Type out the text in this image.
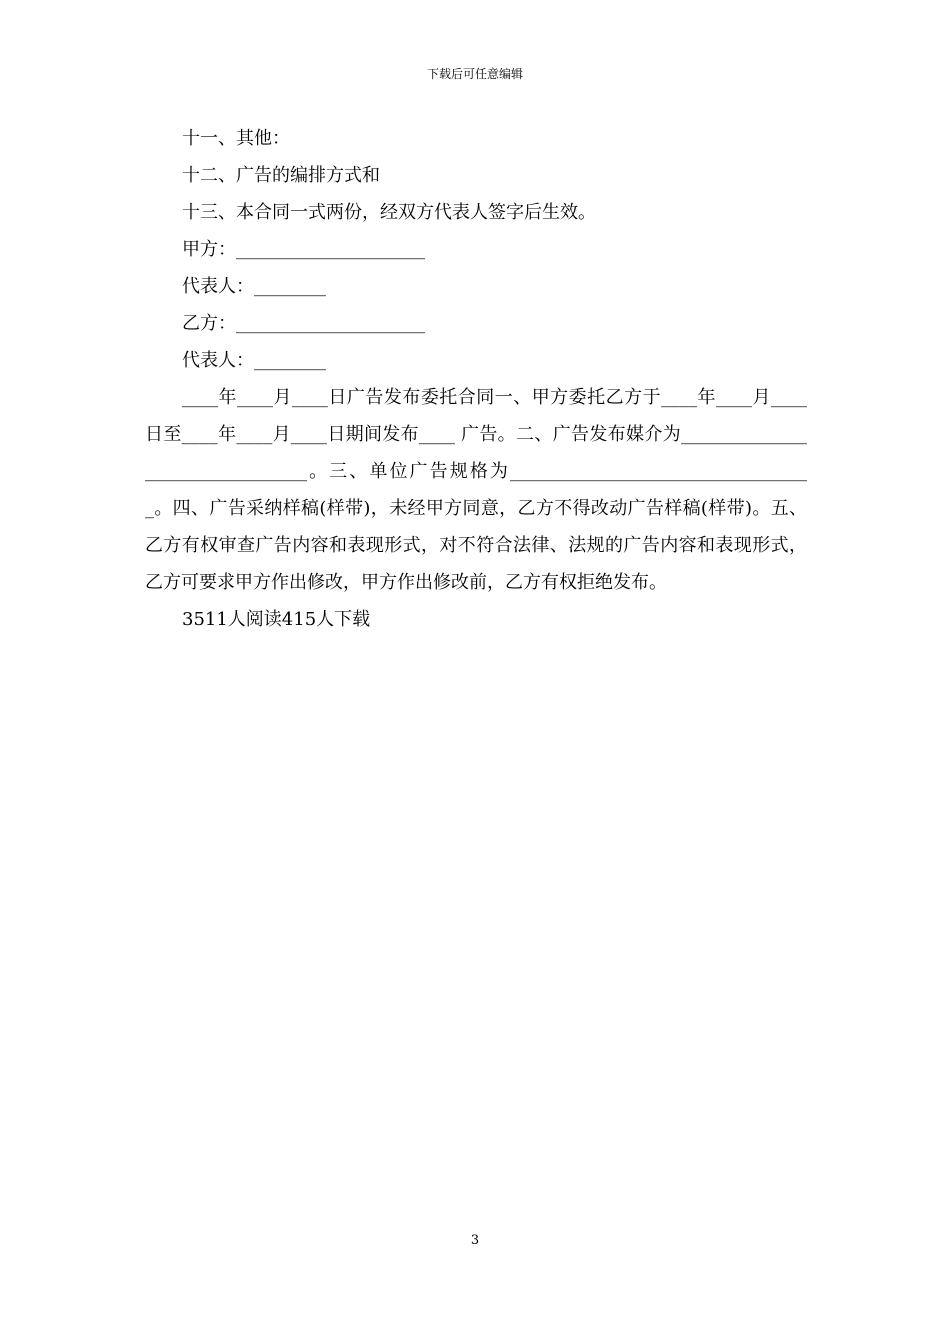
下载后可任意编辑
十一、其他：
十二、广告的编排方式和
十三、本合同一式两份，经双方代表人签字后生效。
甲方：_____________________
代表人：________
乙方：_____________________
代表人：________

____年____月____日广告发布委托合同一、甲方委托乙方于____年____月____日至____年____月____日期间发布____ 广告。二、广告发布媒介为________________________________。三、单位广告规格为__________________________________。四、广告采纳样稿(样带)，未经甲方同意，乙方不得改动广告样稿(样带)。五、乙方有权审查广告内容和表现形式，对不符合法律、法规的广告内容和表现形式，乙方可要求甲方作出修改，甲方作出修改前，乙方有权拒绝发布。

3511人阅读415人下载
3
